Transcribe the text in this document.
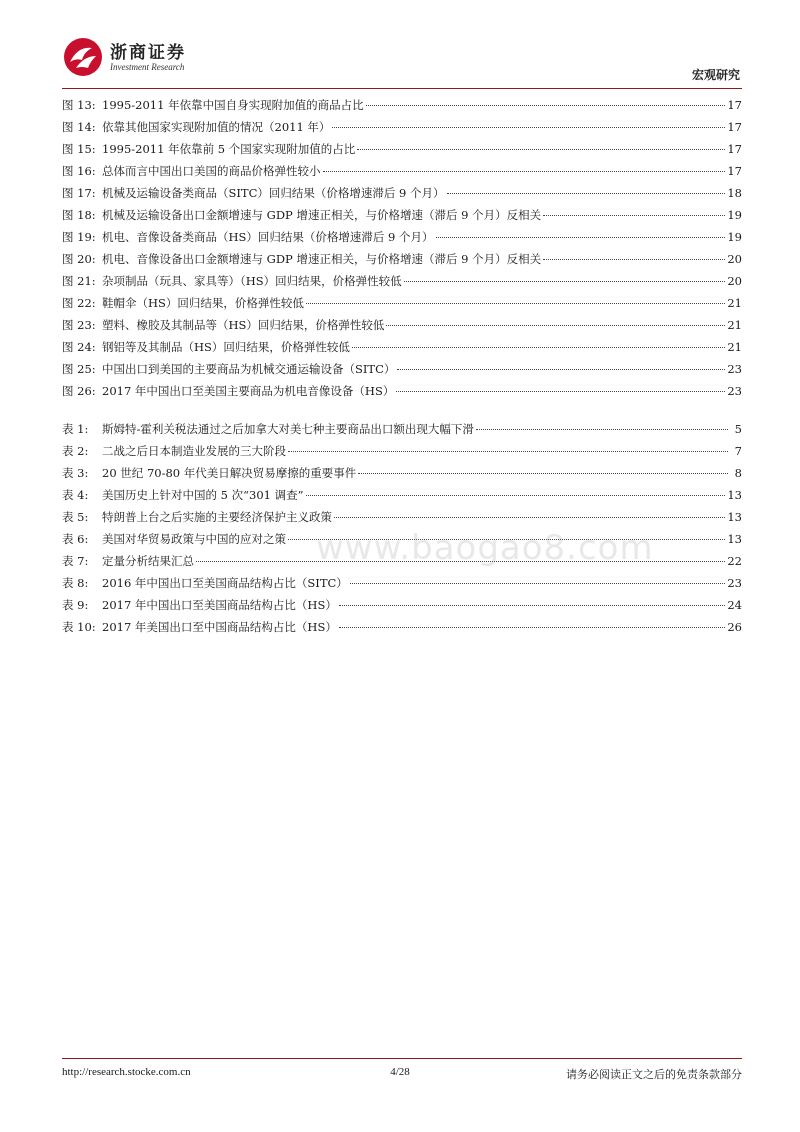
浙商证券
Investment Research
宏观研究
图 13: 1995-2011 年依靠中国自身实现附加值的商品占比	17
图 14: 依靠其他国家实现附加值的情况（2011 年）	17
图 15: 1995-2011 年依靠前 5 个国家实现附加值的占比	17
图 16: 总体而言中国出口美国的商品价格弹性较小	17
图 17: 机械及运输设备类商品（SITC）回归结果（价格增速滞后 9 个月）	18
图 18: 机械及运输设备出口金额增速与 GDP 增速正相关，与价格增速（滞后 9 个月）反相关	19
图 19: 机电、音像设备类商品（HS）回归结果（价格增速滞后 9 个月）	19
图 20: 机电、音像设备出口金额增速与 GDP 增速正相关，与价格增速（滞后 9 个月）反相关	20
图 21: 杂项制品（玩具、家具等）（HS）回归结果，价格弹性较低	20
图 22: 鞋帽伞（HS）回归结果，价格弹性较低	21
图 23: 塑料、橡胶及其制品等（HS）回归结果，价格弹性较低	21
图 24: 钢铝等及其制品（HS）回归结果，价格弹性较低	21
图 25: 中国出口到美国的主要商品为机械交通运输设备（SITC）	23
图 26: 2017 年中国出口至美国主要商品为机电音像设备（HS）	23
表 1:	斯姆特-霍利关税法通过之后加拿大对美七种主要商品出口额出现大幅下滑	5
表 2:	二战之后日本制造业发展的三大阶段	7
表 3:	20 世纪 70-80 年代美日解决贸易摩擦的重要事件	8
表 4:	美国历史上针对中国的 5 次“301 调查”	13
表 5:	特朗普上台之后实施的主要经济保护主义政策	13
表 6:	美国对华贸易政策与中国的应对之策	13
表 7:	定量分析结果汇总	22
表 8:	2016 年中国出口至美国商品结构占比（SITC）	23
表 9:	2017 年中国出口至美国商品结构占比（HS）	24
表 10: 2017 年美国出口至中国商品结构占比（HS）	26
www.baogao8.com
http://research.stocke.com.cn	4/28	请务必阅读正文之后的免责条款部分
